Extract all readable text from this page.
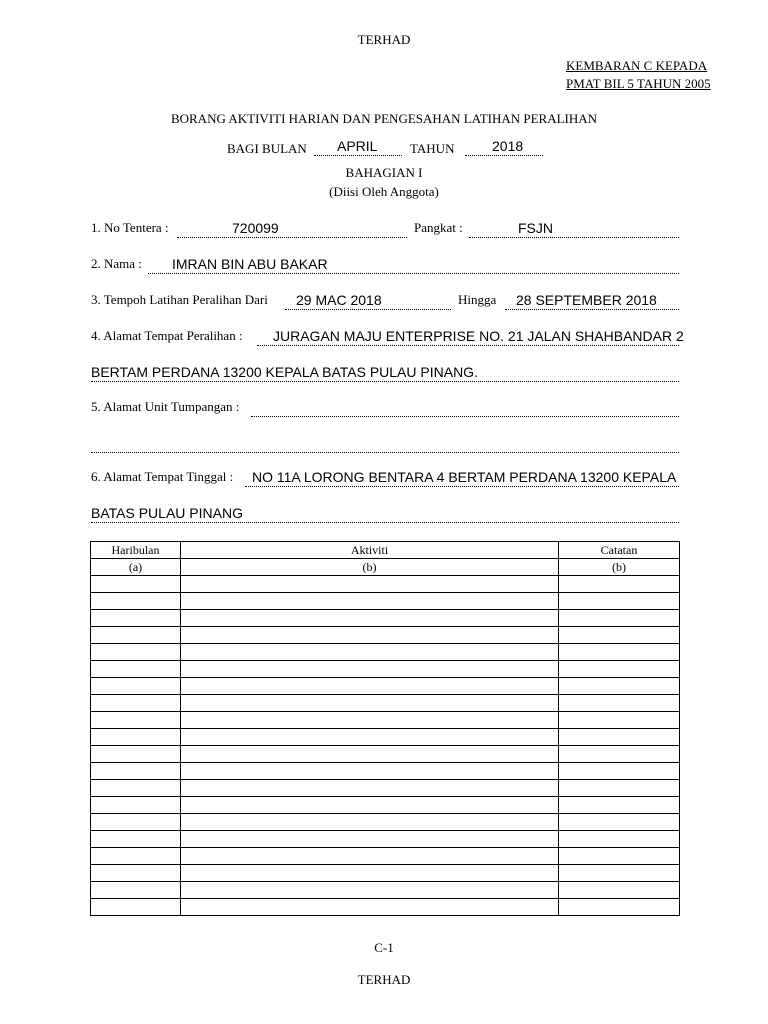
TERHAD
KEMBARAN C KEPADA
PMAT BIL 5 TAHUN 2005
BORANG AKTIVITI HARIAN DAN PENGESAHAN LATIHAN PERALIHAN
BAGI BULAN APRIL	TAHUN	2018
BAHAGIAN I
(Diisi Oleh Anggota)
1. No Tentera :	720099	Pangkat :	FSJN
2. Nama : IMRAN BIN ABU BAKAR
3. Tempoh Latihan Peralihan Dari 29 MAC 2018	Hingga 28 SEPTEMBER 2018
4. Alamat Tempat Peralihan : JURAGAN MAJU ENTERPRISE NO. 21 JALAN SHAHBANDAR 2
BERTAM PERDANA 13200 KEPALA BATAS PULAU PINANG.
5. Alamat Unit Tumpangan :
6. Alamat Tempat Tinggal : NO 11A LORONG BENTARA 4 BERTAM PERDANA 13200 KEPALA
BATAS PULAU PINANG
Haribulan	Aktiviti	Catatan
(a)	(b)	(b)

C-1
TERHAD
